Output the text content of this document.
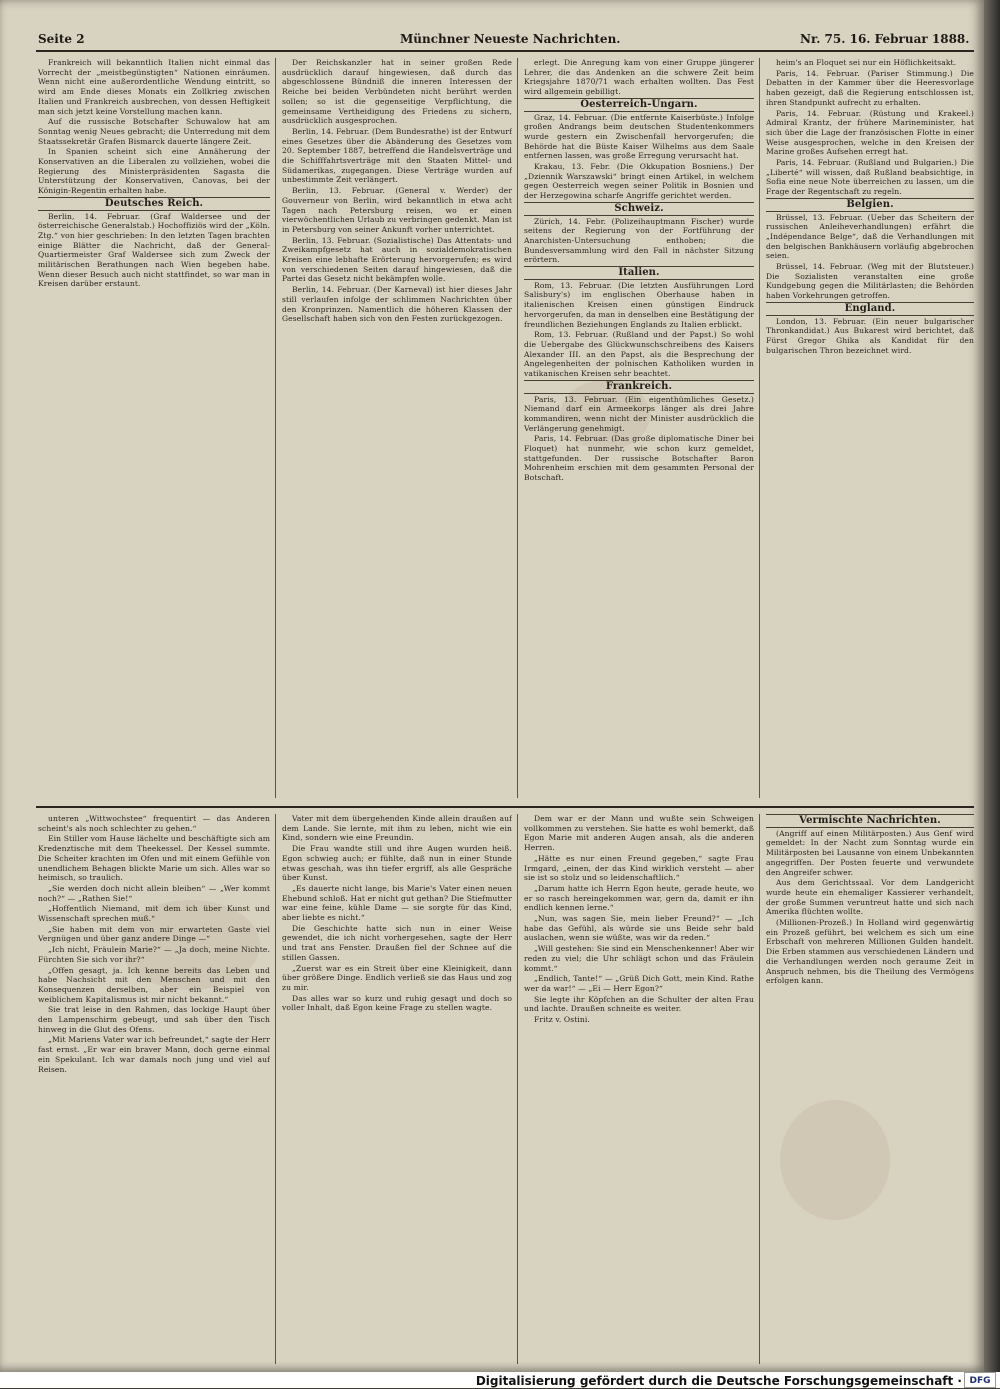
Seite 2	Münchner Neueste Nachrichten.	Nr. 75. 16. Februar 1888.

Frankreich will bekanntlich Italien nicht einmal das Vorrecht der „meistbegünstigten“ Nationen einräumen. Wenn nicht eine außerordentliche Wendung eintritt, so wird am Ende dieses Monats ein Zollkrieg zwischen Italien und Frankreich ausbrechen, von dessen Heftigkeit man sich jetzt keine Vorstellung machen kann.

Auf die russische Botschafter Schuwalow hat am Sonntag wenig Neues gebracht; die Unterredung mit dem Staatssekretär Grafen Bismarck dauerte längere Zeit.

In Spanien scheint sich eine Annäherung der Konservativen an die Liberalen zu vollziehen, wobei die Regierung des Ministerpräsidenten Sagasta die Unterstützung der Konservativen, Canovas, bei der Königin-Regentin erhalten habe.

Deutsches Reich.

Berlin, 14. Februar. (Graf Waldersee und der österreichische Generalstab.) Hochoffiziös wird der „Köln. Ztg.“ von hier geschrieben: In den letzten Tagen brachten einige Blätter die Nachricht, daß der General-Quartiermeister Graf Waldersee sich zum Zweck der militärischen Berathungen nach Wien begeben habe. Wenn dieser Besuch auch nicht stattfindet, so war man in Kreisen darüber erstaunt.

Der Reichskanzler hat in seiner großen Rede ausdrücklich darauf hingewiesen, daß durch das abgeschlossene Bündniß die inneren Interessen der Reiche bei beiden Verbündeten nicht berührt werden sollen; so ist die gegenseitige Verpflichtung, die gemeinsame Vertheidigung des Friedens zu sichern, ausdrücklich ausgesprochen.

Berlin, 14. Februar. (Dem Bundesrathe) ist der Entwurf eines Gesetzes über die Abänderung des Gesetzes vom 20. September 1887, betreffend die Handelsverträge und die Schifffahrtsverträge mit den Staaten Mittel- und Südamerikas, zugegangen. Diese Verträge wurden auf unbestimmte Zeit verlängert.

Berlin, 13. Februar. (General v. Werder) der Gouverneur von Berlin, wird bekanntlich in etwa acht Tagen nach Petersburg reisen, wo er einen vierwöchentlichen Urlaub zu verbringen gedenkt. Man ist in Petersburg von seiner Ankunft vorher unterrichtet.

Berlin, 13. Februar. (Sozialistische) Das Attentats- und Zweikampfgesetz hat auch in sozialdemokratischen Kreisen eine lebhafte Erörterung hervorgerufen; es wird von verschiedenen Seiten darauf hingewiesen, daß die Partei das Gesetz nicht bekämpfen wolle.

Berlin, 14. Februar. (Der Karneval) ist hier dieses Jahr still verlaufen infolge der schlimmen Nachrichten über den Kronprinzen. Namentlich die höheren Klassen der Gesellschaft haben sich von den Festen zurückgezogen.

erlegt. Die Anregung kam von einer Gruppe jüngerer Lehrer, die das Andenken an die schwere Zeit beim Kriegsjahre 1870/71 wach erhalten wollten. Das Fest wird allgemein gebilligt.

Oesterreich-Ungarn.

Graz, 14. Februar. (Die entfernte Kaiserbüste.) Infolge großen Andrangs beim deutschen Studentenkommers wurde gestern ein Zwischenfall hervorgerufen; die Behörde hat die Büste Kaiser Wilhelms aus dem Saale entfernen lassen, was große Erregung verursacht hat.

Krakau, 13. Febr. (Die Okkupation Bosniens.) Der „Dziennik Warszawski“ bringt einen Artikel, in welchem gegen Oesterreich wegen seiner Politik in Bosnien und der Herzegowina scharfe Angriffe gerichtet werden.

Schweiz.

Zürich, 14. Febr. (Polizeihauptmann Fischer) wurde seitens der Regierung von der Fortführung der Anarchisten-Untersuchung enthoben; die Bundesversammlung wird den Fall in nächster Sitzung erörtern.

Italien.

Rom, 13. Februar. (Die letzten Ausführungen Lord Salisbury's) im englischen Oberhause haben in italienischen Kreisen einen günstigen Eindruck hervorgerufen, da man in denselben eine Bestätigung der freundlichen Beziehungen Englands zu Italien erblickt.

Rom, 13. Februar. (Rußland und der Papst.) So wohl die Uebergabe des Glückwunschschreibens des Kaisers Alexander III. an den Papst, als die Besprechung der Angelegenheiten der polnischen Katholiken wurden in vatikanischen Kreisen sehr beachtet.

Frankreich.

Paris, 13. Februar. (Ein eigenthümliches Gesetz.) Niemand darf ein Armeekorps länger als drei Jahre kommandiren, wenn nicht der Minister ausdrücklich die Verlängerung genehmigt.

Paris, 14. Februar. (Das große diplomatische Diner bei Floquet) hat nunmehr, wie schon kurz gemeldet, stattgefunden. Der russische Botschafter Baron Mohrenheim erschien mit dem gesammten Personal der Botschaft.

heim's an Floquet sei nur ein Höflichkeitsakt.

Paris, 14. Februar. (Pariser Stimmung.) Die Debatten in der Kammer über die Heeresvorlage haben gezeigt, daß die Regierung entschlossen ist, ihren Standpunkt aufrecht zu erhalten.

Paris, 14. Februar. (Rüstung und Krakeel.) Admiral Krantz, der frühere Marineminister, hat sich über die Lage der französischen Flotte in einer Weise ausgesprochen, welche in den Kreisen der Marine großes Aufsehen erregt hat.

Paris, 14. Februar. (Rußland und Bulgarien.) Die „Liberté“ will wissen, daß Rußland beabsichtige, in Sofia eine neue Note überreichen zu lassen, um die Frage der Regentschaft zu regeln.

Belgien.

Brüssel, 13. Februar. (Ueber das Scheitern der russischen Anleiheverhandlungen) erfährt die „Indépendance Belge“, daß die Verhandlungen mit den belgischen Bankhäusern vorläufig abgebrochen seien.

Brüssel, 14. Februar. (Weg mit der Blutsteuer.) Die Sozialisten veranstalten eine große Kundgebung gegen die Militärlasten; die Behörden haben Vorkehrungen getroffen.

England.

London, 13. Februar. (Ein neuer bulgarischer Thronkandidat.) Aus Bukarest wird berichtet, daß Fürst Gregor Ghika als Kandidat für den bulgarischen Thron bezeichnet wird.

unteren „Wittwochstee“ frequentirt — das Anderen scheint's als noch schlechter zu gehen.“

Ein Stiller vom Hause lächelte und beschäftigte sich am Kredenztische mit dem Theekessel. Der Kessel summte. Die Scheiter krachten im Ofen und mit einem Gefühle von unendlichem Behagen blickte Marie um sich. Alles war so heimisch, so traulich.

„Sie werden doch nicht allein bleiben“ — „Wer kommt noch?“ — „Rathen Sie!“

„Hoffentlich Niemand, mit dem ich über Kunst und Wissenschaft sprechen muß.“

„Sie haben mit dem von mir erwarteten Gaste viel Vergnügen und über ganz andere Dinge —“

„Ich nicht, Fräulein Marie?“ — „Ja doch, meine Nichte. Fürchten Sie sich vor ihr?“

„Offen gesagt, ja. Ich kenne bereits das Leben und habe Nachsicht mit den Menschen und mit den Konsequenzen derselben, aber ein Beispiel von weiblichem Kapitalismus ist mir nicht bekannt.“

Sie trat leise in den Rahmen, das lockige Haupt über den Lampenschirm gebeugt, und sah über den Tisch hinweg in die Glut des Ofens.

„Mit Mariens Vater war ich befreundet,“ sagte der Herr fast ernst. „Er war ein braver Mann, doch gerne einmal ein Spekulant. Ich war damals noch jung und viel auf Reisen.

Vater mit dem übergehenden Kinde allein draußen auf dem Lande. Sie lernte, mit ihm zu leben, nicht wie ein Kind, sondern wie eine Freundin.

Die Frau wandte still und ihre Augen wurden heiß. Egon schwieg auch; er fühlte, daß nun in einer Stunde etwas geschah, was ihn tiefer ergriff, als alle Gespräche über Kunst.

„Es dauerte nicht lange, bis Marie's Vater einen neuen Ehebund schloß. Hat er nicht gut gethan? Die Stiefmutter war eine feine, kühle Dame — sie sorgte für das Kind, aber liebte es nicht.“

Die Geschichte hatte sich nun in einer Weise gewendet, die ich nicht vorhergesehen, sagte der Herr und trat ans Fenster. Draußen fiel der Schnee auf die stillen Gassen.

„Zuerst war es ein Streit über eine Kleinigkeit, dann über größere Dinge. Endlich verließ sie das Haus und zog zu mir.

Das alles war so kurz und ruhig gesagt und doch so voller Inhalt, daß Egon keine Frage zu stellen wagte.

Dem war er der Mann und wußte sein Schweigen vollkommen zu verstehen. Sie hatte es wohl bemerkt, daß Egon Marie mit anderen Augen ansah, als die anderen Herren.

„Hätte es nur einen Freund gegeben,“ sagte Frau Irmgard, „einen, der das Kind wirklich versteht — aber sie ist so stolz und so leidenschaftlich.“

„Darum hatte ich Herrn Egon heute, gerade heute, wo er so rasch hereingekommen war, gern da, damit er ihn endlich kennen lerne.“

„Nun, was sagen Sie, mein lieber Freund?“ — „Ich habe das Gefühl, als würde sie uns Beide sehr bald auslachen, wenn sie wüßte, was wir da reden.“

„Will gestehen: Sie sind ein Menschenkenner! Aber wir reden zu viel; die Uhr schlägt schon und das Fräulein kommt.“

„Endlich, Tante!“ — „Grüß Dich Gott, mein Kind. Rathe wer da war!“ — „Ei — Herr Egon?“

Sie legte ihr Köpfchen an die Schulter der alten Frau und lachte. Draußen schneite es weiter.

Fritz v. Ostini.

Vermischte Nachrichten.

(Angriff auf einen Militärposten.) Aus Genf wird gemeldet: In der Nacht zum Sonntag wurde ein Militärposten bei Lausanne von einem Unbekannten angegriffen. Der Posten feuerte und verwundete den Angreifer schwer.

Aus dem Gerichtssaal. Vor dem Landgericht wurde heute ein ehemaliger Kassierer verhandelt, der große Summen veruntreut hatte und sich nach Amerika flüchten wollte.

(Millionen-Prozeß.) In Holland wird gegenwärtig ein Prozeß geführt, bei welchem es sich um eine Erbschaft von mehreren Millionen Gulden handelt. Die Erben stammen aus verschiedenen Ländern und die Verhandlungen werden noch geraume Zeit in Anspruch nehmen, bis die Theilung des Vermögens erfolgen kann.

Digitalisierung gefördert durch die Deutsche Forschungsgemeinschaft · DFG
